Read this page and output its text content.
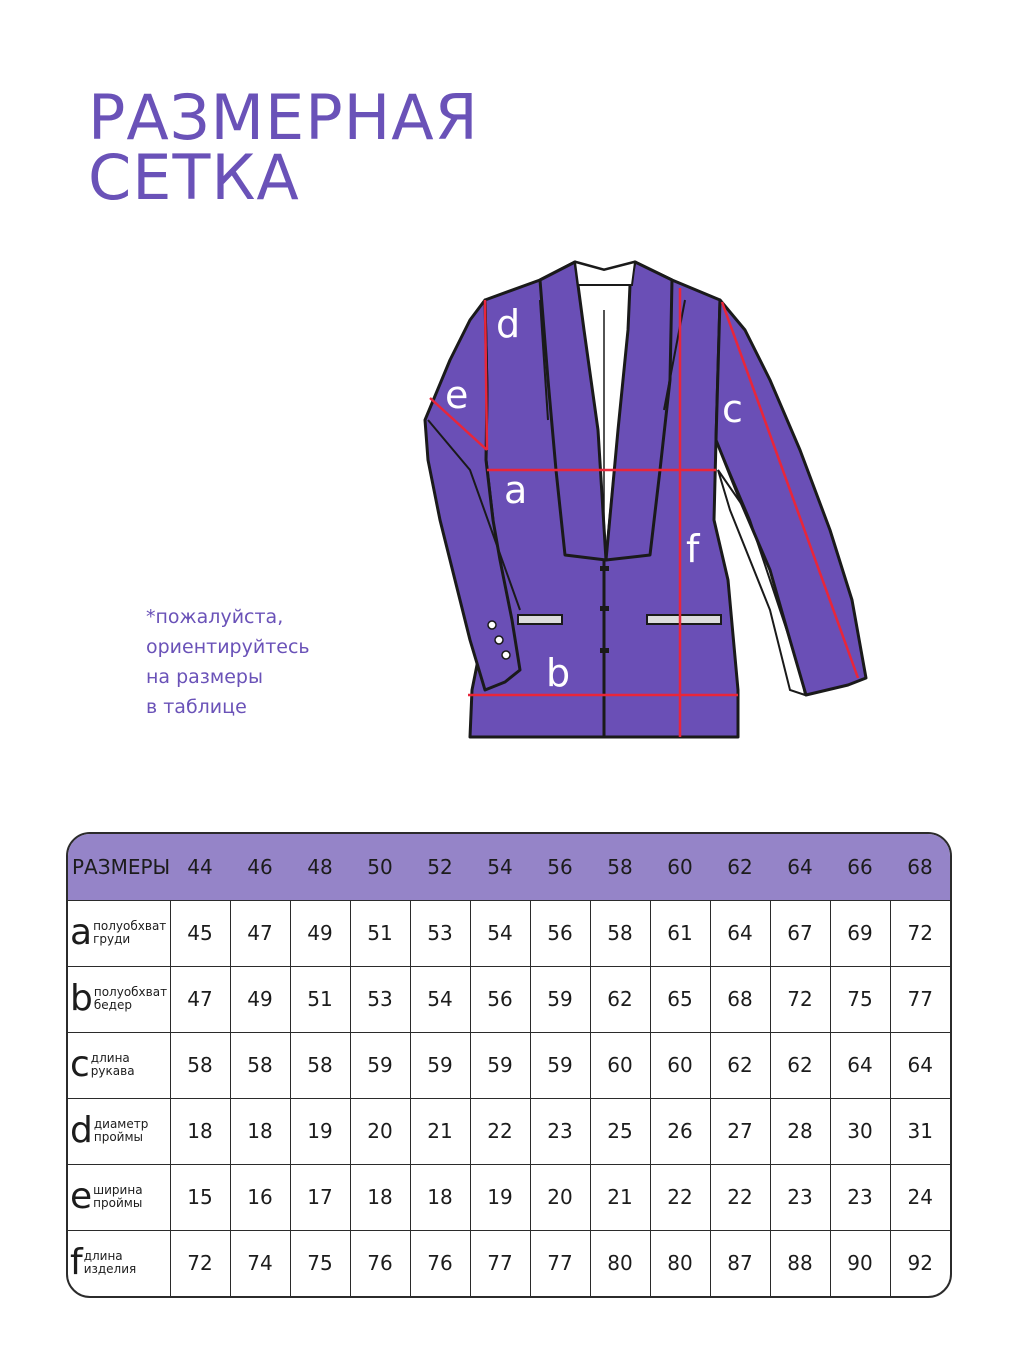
РАЗМЕРНАЯ
СЕТКА
d
e	c
a
f
b
*пожалуйста,
ориентируйтесь
на размеры
в таблице
РАЗМЕРЫ	44	46	48	50	52	54	56	58	60	62	64	66	68

a полуобхват
груди	45	47	49	51	53	54	56	58	61	64	67	69	72

b полуобхват
бедер	47	49	51	53	54	56	59	62	65	68	72	75	77

c длина
рукава	58	58	58	59	59	59	59	60	60	62	62	64	64

d диаметр
проймы	18	18	19	20	21	22	23	25	26	27	28	30	31

e ширина
проймы	15	16	17	18	18	19	20	21	22	22	23	23	24

f длина
изделия	72	74	75	76	76	77	77	80	80	87	88	90	92
